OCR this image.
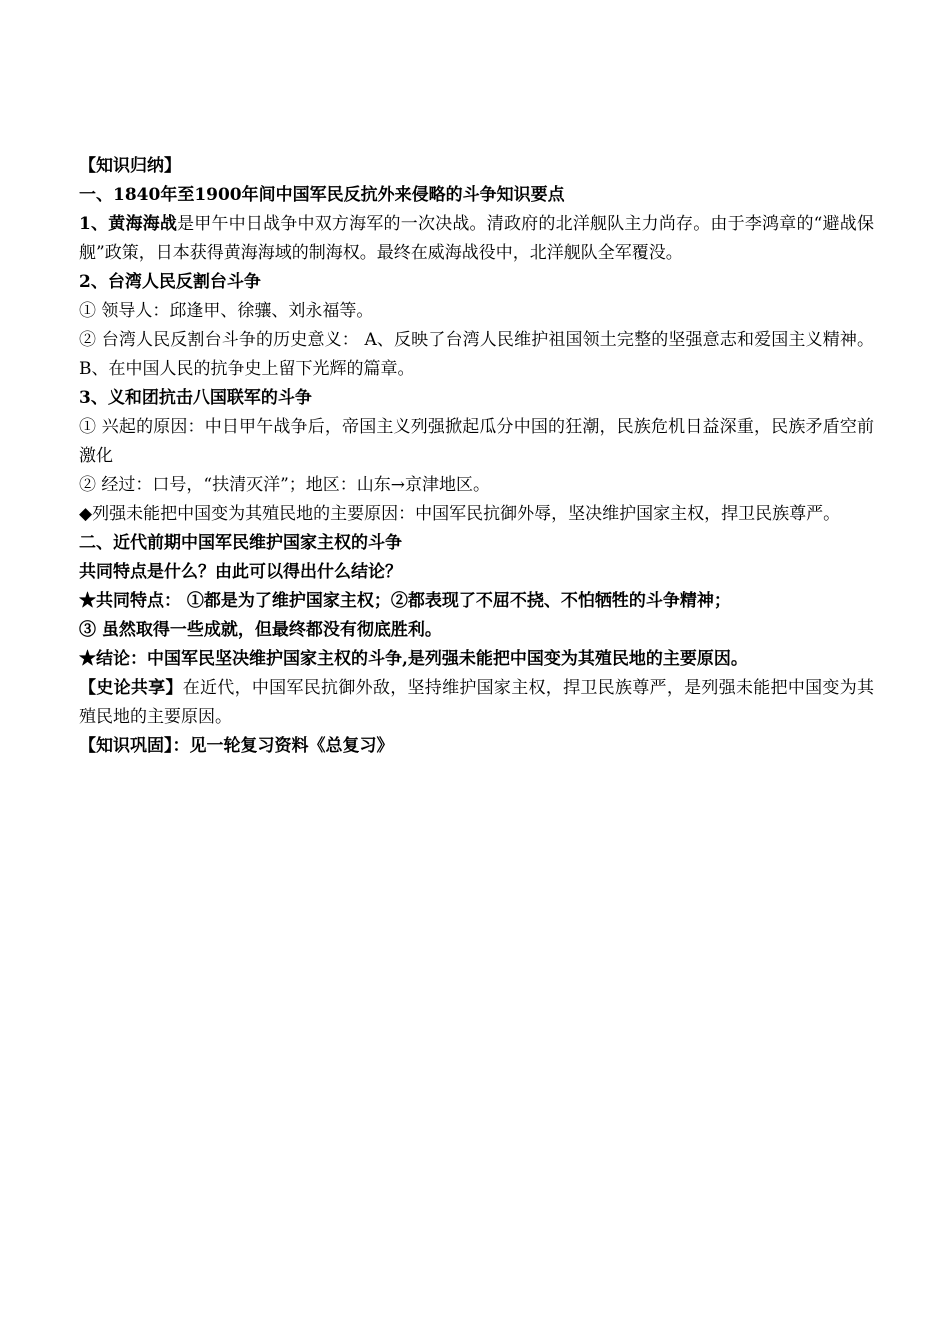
【知识归纳】
一、1840年至1900年间中国军民反抗外来侵略的斗争知识要点
1、黄海海战是甲午中日战争中双方海军的一次决战。清政府的北洋舰队主力尚存。由于李鸿章的“避战保舰”政策，日本获得黄海海域的制海权。最终在威海战役中，北洋舰队全军覆没。
2、台湾人民反割台斗争
① 领导人：邱逢甲、徐骧、刘永福等。
② 台湾人民反割台斗争的历史意义： A、反映了台湾人民维护祖国领土完整的坚强意志和爱国主义精神。 B、在中国人民的抗争史上留下光辉的篇章。
3、义和团抗击八国联军的斗争
① 兴起的原因：中日甲午战争后，帝国主义列强掀起瓜分中国的狂潮，民族危机日益深重，民族矛盾空前激化
② 经过：口号，“扶清灭洋”；地区：山东→京津地区。
◆列强未能把中国变为其殖民地的主要原因：中国军民抗御外辱，坚决维护国家主权，捍卫民族尊严。
二、近代前期中国军民维护国家主权的斗争
共同特点是什么？由此可以得出什么结论？
★共同特点： ①都是为了维护国家主权；②都表现了不屈不挠、不怕牺牲的斗争精神；
③ 虽然取得一些成就，但最终都没有彻底胜利。
★结论：中国军民坚决维护国家主权的斗争,是列强未能把中国变为其殖民地的主要原因。
【史论共享】在近代，中国军民抗御外敌，坚持维护国家主权，捍卫民族尊严，是列强未能把中国变为其殖民地的主要原因。
【知识巩固】：见一轮复习资料《总复习》
